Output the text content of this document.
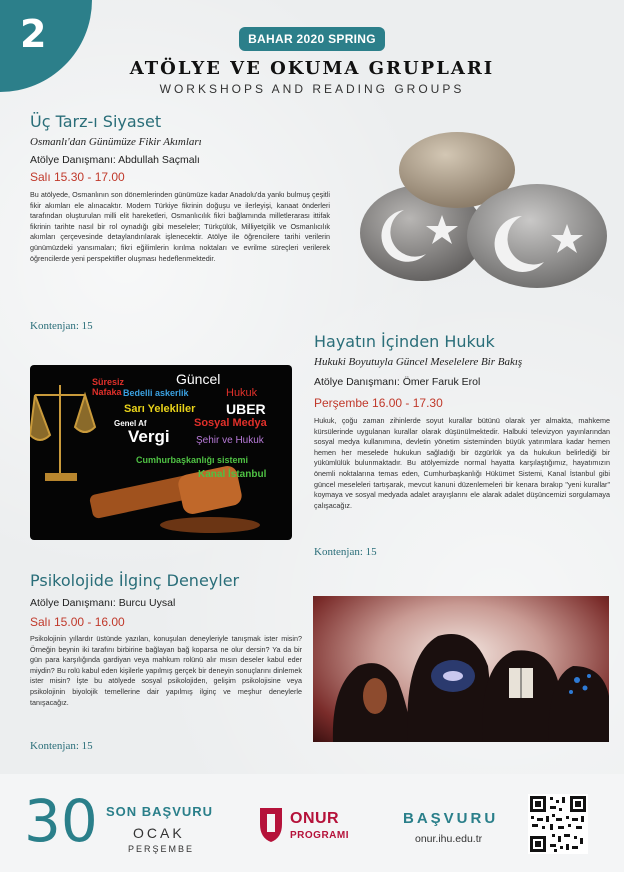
2	BAHAR 2020 SPRING
ATÖLYE VE OKUMA GRUPLARI
WORKSHOPS AND READING GROUPS
Üç Tarz-ı Siyaset
Osmanlı'dan Günümüze Fikir Akımları
Atölye Danışmanı: Abdullah Saçmalı
Salı 15.30 - 17.00
Bu atölyede, Osmanlının son dönemlerinden günümüze kadar Anadolu'da yankı bulmuş çeşitli fikir akımları ele alınacaktır. Modern Türkiye fikrinin doğuşu ve ilerleyişi, kanaat önderleri tarafından oluşturulan milli elit hareketleri, Osmanlıcılık fikri bağlamında milletlerarası ittifak fikrinin tarihte nasıl bir rol oynadığı gibi meseleler; Türkçülük, Milliyetçilik ve Osmanlıcılık akımları çerçevesinde detaylandırılarak işlenecektir. Atölye ile öğrencilere tarihi verilerin günümüzdeki yansımaları; fikri eğilimlerin kırılma noktaları ve evrilme süreçleri verilerek öğrencilerde yeni perspektifler oluşması hedeflenmektedir.
Kontenjan: 15
Hayatın İçinden Hukuk
Hukuki Boyutuyla Güncel Meselelere Bir Bakış
Atölye Danışmanı: Ömer Faruk Erol
Perşembe 16.00 - 17.30
Hukuk, çoğu zaman zihinlerde soyut kurallar bütünü olarak yer almakta, mahkeme kürsülerinde uygulanan kurallar olarak düşünülmektedir. Halbuki televizyon yayınlarından sosyal medya kullanımına, devletin yönetim sisteminden büyük yatırımlara kadar hemen hemen her meselede hukukun sağladığı bir özgürlük ya da hukukun belirlediği bir yükümlülük bulunmaktadır. Bu atölyemizde normal hayatta karşılaştığımız, hayatımızın önemli noktalarına temas eden, Cumhurbaşkanlığı Hükümet Sistemi, Kanal İstanbul gibi güncel meseleleri tartışarak, mevcut kanuni düzenlemeleri bir kenara bırakıp "yeni kurallar" koymaya ve sosyal medyada adalet arayışlarını ele alarak adalet düşüncemizi sorgulamaya çalışacağız.
Kontenjan: 15
Süresiz Nafaka
Güncel
Bedelli askerlik	Hukuk
Sarı Yelekliler UBER
Genel Af	Sosyal Medya
Vergi	Şehir ve Hukuk
Cumhurbaşkanlığı sistemi
Kanal İstanbul
Psikolojide İlginç Deneyler
Atölye Danışmanı: Burcu Uysal
Salı 15.00 - 16.00
Psikolojinin yıllardır üstünde yazılan, konuşulan deneyleriyle tanışmak ister misin? Örneğin beynin iki tarafını birbirine bağlayan bağ koparsa ne olur dersin? Ya da bir gün para karşılığında gardiyan veya mahkum rolünü alır mısın deseler kabul eder miydin? Bu rolü kabul eden kişilerle yapılmış gerçek bir deneyin sonuçlarını dinlemek ister misin? İşte bu atölyede sosyal psikolojiden, gelişim psikolojisine veya psikolojinin biyolojik temellerine dair yapılmış ilginç ve meşhur deneylerle tanışacağız.
Kontenjan: 15
30 SON BAŞVURU
OCAK
PERŞEMBE
ONUR
PROGRAMI
BAŞVURU
onur.ihu.edu.tr
